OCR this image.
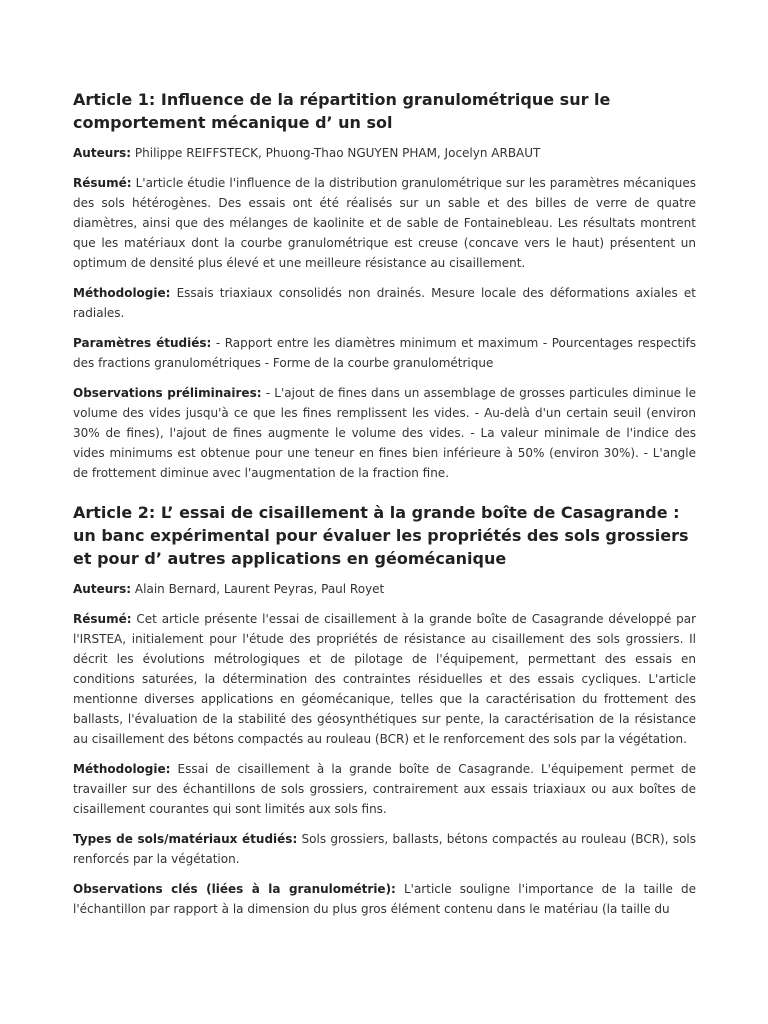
Article 1: Influence de la répartition granulométrique sur le comportement mécanique d’ un sol

Auteurs: Philippe REIFFSTECK, Phuong-Thao NGUYEN PHAM, Jocelyn ARBAUT

Résumé: L'article étudie l'influence de la distribution granulométrique sur les paramètres mécaniques des sols hétérogènes. Des essais ont été réalisés sur un sable et des billes de verre de quatre diamètres, ainsi que des mélanges de kaolinite et de sable de Fontainebleau. Les résultats montrent que les matériaux dont la courbe granulométrique est creuse (concave vers le haut) présentent un optimum de densité plus élevé et une meilleure résistance au cisaillement.

Méthodologie: Essais triaxiaux consolidés non drainés. Mesure locale des déformations axiales et radiales.

Paramètres étudiés: - Rapport entre les diamètres minimum et maximum - Pourcentages respectifs des fractions granulométriques - Forme de la courbe granulométrique

Observations préliminaires: - L'ajout de fines dans un assemblage de grosses particules diminue le volume des vides jusqu'à ce que les fines remplissent les vides. - Au-delà d'un certain seuil (environ 30% de fines), l'ajout de fines augmente le volume des vides. - La valeur minimale de l'indice des vides minimums est obtenue pour une teneur en fines bien inférieure à 50% (environ 30%). - L'angle de frottement diminue avec l'augmentation de la fraction fine.

Article 2: L’ essai de cisaillement à la grande boîte de Casagrande : un banc expérimental pour évaluer les propriétés des sols grossiers et pour d’ autres applications en géomécanique

Auteurs: Alain Bernard, Laurent Peyras, Paul Royet

Résumé: Cet article présente l'essai de cisaillement à la grande boîte de Casagrande développé par l'IRSTEA, initialement pour l'étude des propriétés de résistance au cisaillement des sols grossiers. Il décrit les évolutions métrologiques et de pilotage de l'équipement, permettant des essais en conditions saturées, la détermination des contraintes résiduelles et des essais cycliques. L'article mentionne diverses applications en géomécanique, telles que la caractérisation du frottement des ballasts, l'évaluation de la stabilité des géosynthétiques sur pente, la caractérisation de la résistance au cisaillement des bétons compactés au rouleau (BCR) et le renforcement des sols par la végétation.

Méthodologie: Essai de cisaillement à la grande boîte de Casagrande. L'équipement permet de travailler sur des échantillons de sols grossiers, contrairement aux essais triaxiaux ou aux boîtes de cisaillement courantes qui sont limités aux sols fins.

Types de sols/matériaux étudiés: Sols grossiers, ballasts, bétons compactés au rouleau (BCR), sols renforcés par la végétation.

Observations clés (liées à la granulométrie): L'article souligne l'importance de la taille de l'échantillon par rapport à la dimension du plus gros élément contenu dans le matériau (la taille du
